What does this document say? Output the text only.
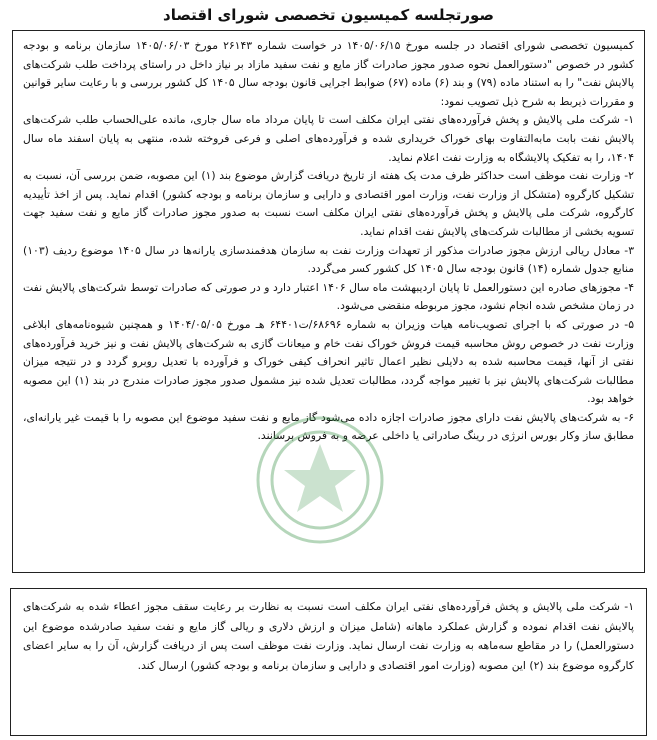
صورتجلسه کمیسیون تخصصی شورای اقتصاد

کمیسیون تخصصی شورای اقتصاد در جلسه مورخ ۱۴۰۵/۰۶/۱۵ در خواست شماره ۲۶۱۴۳ مورخ ۱۴۰۵/۰۶/۰۳ سازمان برنامه و بودجه کشور در خصوص "دستورالعمل نحوه صدور مجوز صادرات گاز مایع و نفت سفید مازاد بر نیاز داخل در راستای پرداخت طلب شرکت‌های پالایش نفت" را به استناد ماده (۷۹) و بند (۶) ماده (۶۷) ضوابط اجرایی قانون بودجه سال ۱۴۰۵ کل کشور بررسی و با رعایت سایر قوانین و مقررات ذیربط به شرح ذیل تصویب نمود:

۱- شرکت ملی پالایش و پخش فرآورده‌های نفتی ایران مکلف است تا پایان مرداد ماه سال جاری، مانده علی‌الحساب طلب شرکت‌های پالایش نفت بابت مابه‌التفاوت بهای خوراک خریداری شده و فرآورده‌های اصلی و فرعی فروخته شده، منتهی به پایان اسفند ماه سال ۱۴۰۴، را به تفکیک پالایشگاه به وزارت نفت اعلام نماید.

۲- وزارت نفت موظف است حداکثر ظرف مدت یک هفته از تاریخ دریافت گزارش موضوع بند (۱) این مصوبه، ضمن بررسی آن، نسبت به تشکیل کارگروه (متشکل از وزارت نفت، وزارت امور اقتصادی و دارایی و سازمان برنامه و بودجه کشور) اقدام نماید. پس از اخذ تأییدیه کارگروه، شرکت ملی پالایش و پخش فرآورده‌های نفتی ایران مکلف است نسبت به صدور مجوز صادرات گاز مایع و نفت سفید جهت تسویه بخشی از مطالبات شرکت‌های پالایش نفت اقدام نماید.

۳- معادل ریالی ارزش مجوز صادرات مذکور از تعهدات وزارت نفت به سازمان هدفمندسازی یارانه‌ها در سال ۱۴۰۵ موضوع ردیف (۱۰۳) منابع جدول شماره (۱۴) قانون بودجه سال ۱۴۰۵ کل کشور کسر می‌گردد.

۴- مجوزهای صادره این دستورالعمل تا پایان اردیبهشت ماه سال ۱۴۰۶ اعتبار دارد و در صورتی که صادرات توسط شرکت‌های پالایش نفت در زمان مشخص شده انجام نشود، مجوز مربوطه منقضی می‌شود.

۵- در صورتی که با اجرای تصویب‌نامه هیات وزیران به شماره ۶۸۶۹۶/ت۶۴۴۰۱ هـ مورخ ۱۴۰۴/۰۵/۰۵ و همچنین شیوه‌نامه‌های ابلاغی وزارت نفت در خصوص روش محاسبه قیمت فروش خوراک نفت خام و میعانات گازی به شرکت‌های پالایش نفت و نیز خرید فرآورده‌های نفتی از آنها، قیمت محاسبه شده به دلایلی نظیر اعمال تاثیر انحراف کیفی خوراک و فرآورده با تعدیل روبرو گردد و در نتیجه میزان مطالبات شرکت‌های پالایش نیز با تغییر مواجه گردد، مطالبات تعدیل شده نیز مشمول صدور مجوز صادرات مندرج در بند (۱) این مصوبه خواهد بود.

۶- به شرکت‌های پالایش نفت دارای مجوز صادرات اجازه داده می‌شود گاز مایع و نفت سفید موضوع این مصوبه را با قیمت غیر یارانه‌ای، مطابق ساز وکار بورس انرژی در رینگ صادراتی یا داخلی عرضه و به فروش برسانند.

۱- شرکت ملی پالایش و پخش فرآورده‌های نفتی ایران مکلف است نسبت به نظارت بر رعایت سقف مجوز اعطاء شده به شرکت‌های پالایش نفت اقدام نموده و گزارش عملکرد ماهانه (شامل میزان و ارزش دلاری و ریالی گاز مایع و نفت سفید صادرشده موضوع این دستورالعمل) را در مقاطع سه‌ماهه به وزارت نفت ارسال نماید. وزارت نفت موظف است پس از دریافت گزارش، آن را به سایر اعضای کارگروه موضوع بند (۲) این مصوبه (وزارت امور اقتصادی و دارایی و سازمان برنامه و بودجه کشور) ارسال کند.
